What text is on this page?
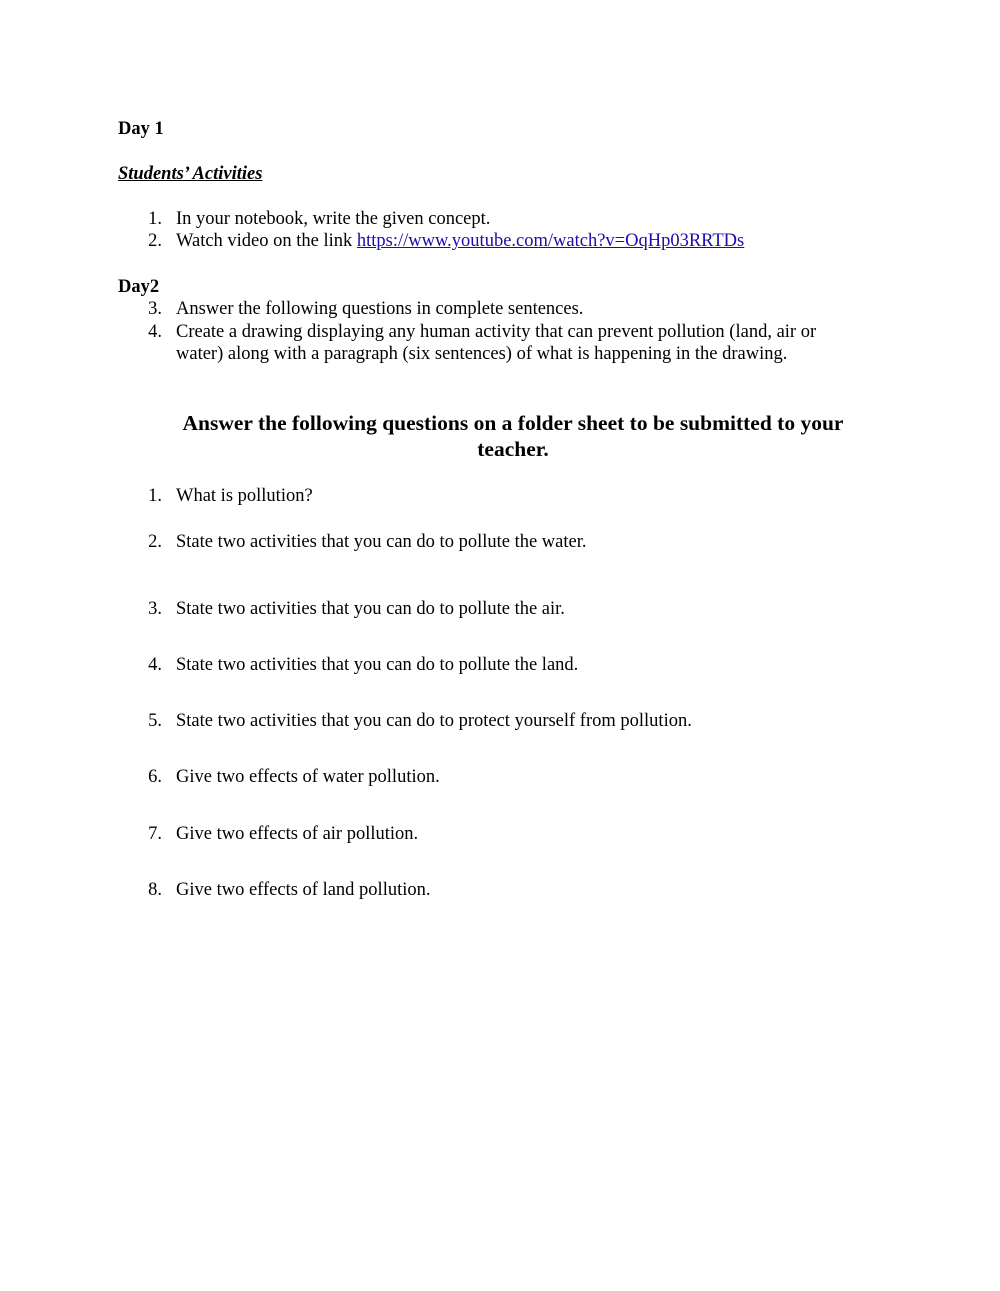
Day 1
Students’ Activities
1. In your notebook, write the given concept.
2. Watch video on the link https://www.youtube.com/watch?v=OqHp03RRTDs
Day2
3. Answer the following questions in complete sentences.
4. Create a drawing displaying any human activity that can prevent pollution (land, air or
water) along with a paragraph (six sentences) of what is happening in the drawing.
Answer the following questions on a folder sheet to be submitted to your
teacher.
1. What is pollution?
2. State two activities that you can do to pollute the water.
3. State two activities that you can do to pollute the air.
4. State two activities that you can do to pollute the land.
5. State two activities that you can do to protect yourself from pollution.
6. Give two effects of water pollution.
7. Give two effects of air pollution.
8. Give two effects of land pollution.
